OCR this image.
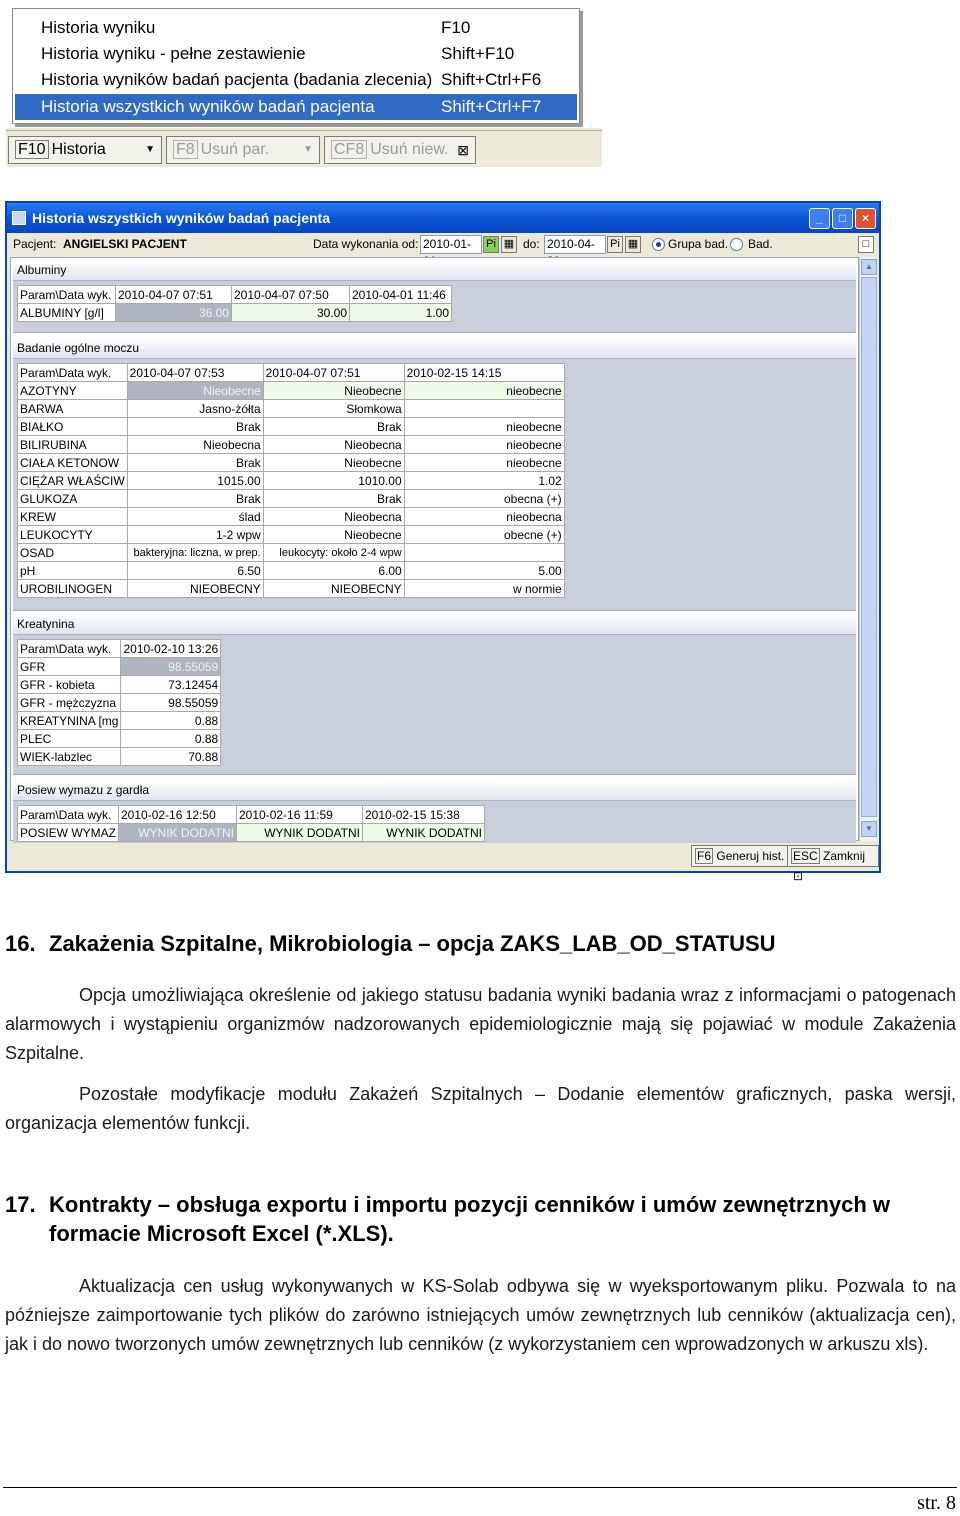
Historia wyniku	F10
Historia wyniku - pełne zestawienie	Shift+F10
Historia wyników badań pacjenta (badania zlecenia) Shift+Ctrl+F6
Historia wszystkich wyników badań pacjenta	Shift+Ctrl+F7
F10 Historia	▼	F8 Usuń par.	▼	CF8 Usuń niew. ⊠
Historia wszystkich wyników badań pacjenta	_	□	×
Pacjent: ANGIELSKI PACJENT	Data wykonania od: 2010-01-	Pi ▦ do: 2010-04-	Pi ▦ Grupa bad. Bad.	□
Albuminy
Param\Data wyk.	2010-04-07 07:51	2010-04-07 07:50	2010-04-01 11:46
ALBUMINY [g/l]	36.00	30.00	1.00
Badanie ogólne moczu
Param\Data wyk.	2010-04-07 07:53	2010-04-07 07:51	2010-02-15 14:15
AZOTYNY	Nieobecne	Nieobecne	nieobecne
BARWA	Jasno-żółta	Słomkowa	
BIAŁKO	Brak	Brak	nieobecne
BILIRUBINA	Nieobecna	Nieobecna	nieobecne
CIAŁA KETONOW	Brak	Nieobecne	nieobecne
CIĘŻAR WŁAŚCIW	1015.00	1010.00	1.02
GLUKOZA	Brak	Brak	obecna (+)
KREW	ślad	Nieobecna	nieobecna
LEUKOCYTY	1-2 wpw	Nieobecne	obecne (+)
OSAD	bakteryjna: liczna, w prep.	leukocyty: około 2-4 wpw	
pH	6.50	6.00	5.00
UROBILINOGEN	NIEOBECNY	NIEOBECNY	w normie
Kreatynina
Param\Data wyk.	2010-02-10 13:26
GFR	98.55059
GFR - kobieta	73.12454
GFR - mężczyzna	98.55059
KREATYNINA [mg	0.88
PLEC	0.88
WIEK-labzlec	70.88
Posiew wymazu z gardła
Param\Data wyk.	2010-02-16 12:50	2010-02-16 11:59	2010-02-15 15:38
POSIEW WYMAZ	WYNIK DODATNI	WYNIK DODATNI	WYNIK DODATNI
▲
▼
F6 Generuj hist. ESC Zamknij ⊡
16. Zakażenia Szpitalne, Mikrobiologia – opcja ZAKS_LAB_OD_STATUSU
Opcja umożliwiająca określenie od jakiego statusu badania wyniki badania wraz z informacjami o patogenach alarmowych i wystąpieniu organizmów nadzorowanych epidemiologicznie mają się pojawiać w module Zakażenia Szpitalne.
Pozostałe modyfikacje modułu Zakażeń Szpitalnych – Dodanie elementów graficznych, paska wersji, organizacja elementów funkcji.
17. Kontrakty – obsługa exportu i importu pozycji cenników i umów zewnętrznych w formacie Microsoft Excel (*.XLS).
Aktualizacja cen usług wykonywanych w KS-Solab odbywa się w wyeksportowanym pliku. Pozwala to na późniejsze zaimportowanie tych plików do zarówno istniejących umów zewnętrznych lub cenników (aktualizacja cen), jak i do nowo tworzonych umów zewnętrznych lub cenników (z wykorzystaniem cen wprowadzonych w arkuszu xls).
str. 8
